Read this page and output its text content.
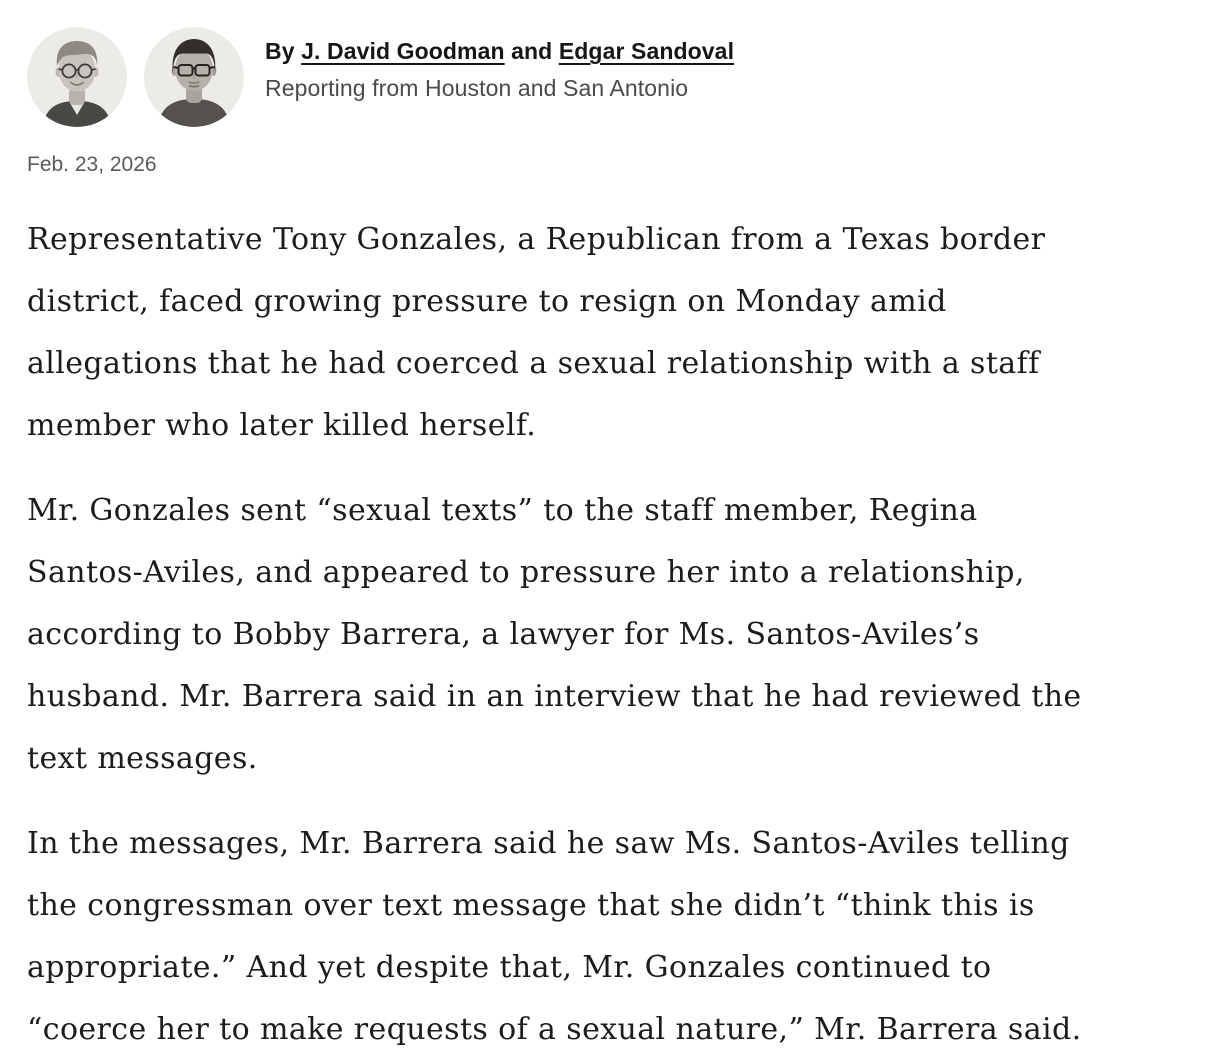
By J. David Goodman and Edgar Sandoval

Reporting from Houston and San Antonio

Feb. 23, 2026

Representative Tony Gonzales, a Republican from a Texas border
district, faced growing pressure to resign on Monday amid
allegations that he had coerced a sexual relationship with a staff
member who later killed herself.

Mr. Gonzales sent “sexual texts” to the staff member, Regina
Santos-Aviles, and appeared to pressure her into a relationship,
according to Bobby Barrera, a lawyer for Ms. Santos-Aviles’s
husband. Mr. Barrera said in an interview that he had reviewed the
text messages.

In the messages, Mr. Barrera said he saw Ms. Santos-Aviles telling
the congressman over text message that she didn’t “think this is
appropriate.” And yet despite that, Mr. Gonzales continued to
“coerce her to make requests of a sexual nature,” Mr. Barrera said.
